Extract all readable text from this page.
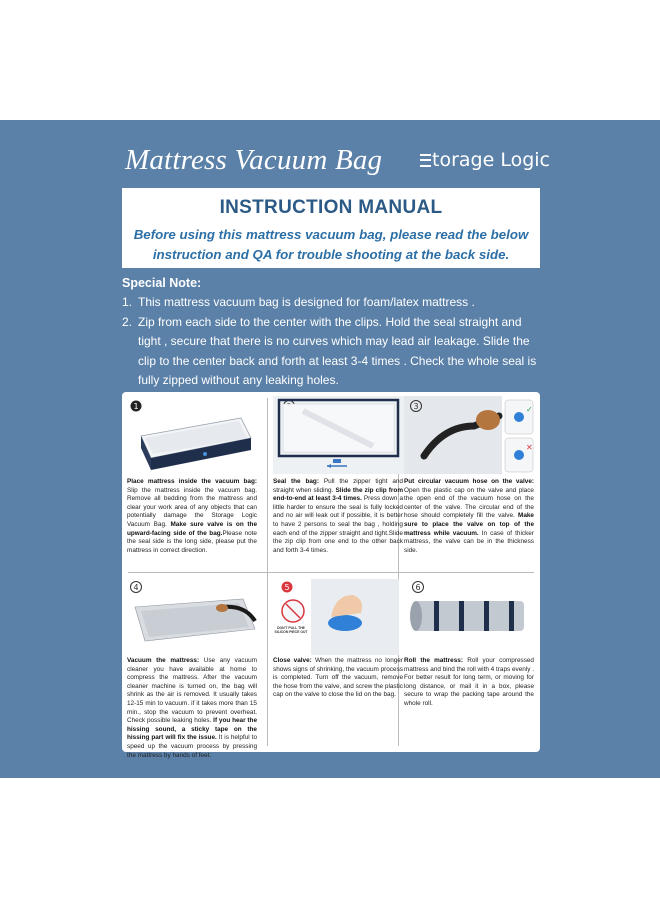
Mattress Vacuum Bag	torage Logic
INSTRUCTION MANUAL
Before using this mattress vacuum bag, please read the below
instruction and QA for trouble shooting at the back side.
Special Note:
1. This mattress vacuum bag is designed for foam/latex mattress .
2. Zip from each side to the center with the clips. Hold the seal straight and tight , secure that there is no curves which may lead air leakage. Slide the clip to the center back and forth at least 3-4 times . Check the whole seal is fully zipped without any leaking holes.
1
Place mattress inside the vacuum bag: Slip the mattress inside the vacuum bag. Remove all bedding from the mattress and clear your work area of any objects that can potentially damage the Storage Logic Vacuum Bag. Make sure valve is on the upward-facing side of the bag.Please note the seal side is the long side, please put the mattress in correct direction.
Seal the bag: Pull the zipper tight and straight when sliding. Slide the zip clip from end-to-end at least 3-4 times. Press down a little harder to ensure the seal is fully locked and no air will leak out if possible, it is better to have 2 persons to seal the bag , holding each end of the zipper straight and tight.Slide the zip clip from one end to the other back and forth 3-4 times.
3	✓
✕
Put circular vacuum hose on the valve: Open the plastic cap on the valve and place the open end of the vacuum hose on the center of the valve. The circular end of the hose should completely fill the valve. Make sure to place the valve on top of the mattress while vacuum. In case of thicker mattress, the valve can be in the thickness side.
4
Vacuum the mattress: Use any vacuum cleaner you have available at home to compress the mattress. After the vacuum cleaner machine is turned on, the bag will shrink as the air is removed. It usually takes 12-15 min to vacuum. if it takes more than 15 min., stop the vacuum to prevent overheat. Check possible leaking holes. If you hear the hissing sound, a sticky tape on the hissing part will fix the issue. It is helpful to speed up the vacuum process by pressing the mattress by hands of feet.
5
DON'T PULL THE SILICON PIECE OUT
Close valve: When the mattress no longer shows signs of shrinking, the vacuum process is completed. Turn off the vacuum, remove the hose from the valve, and screw the plastic cap on the valve to close the lid on the bag.
6
Roll the mattress: Roll your compressed mattress and bind the roll with 4 traps evenly . For better result for long term, or moving for long distance, or mail it in a box, please secure to wrap the packing tape around the whole roll.
